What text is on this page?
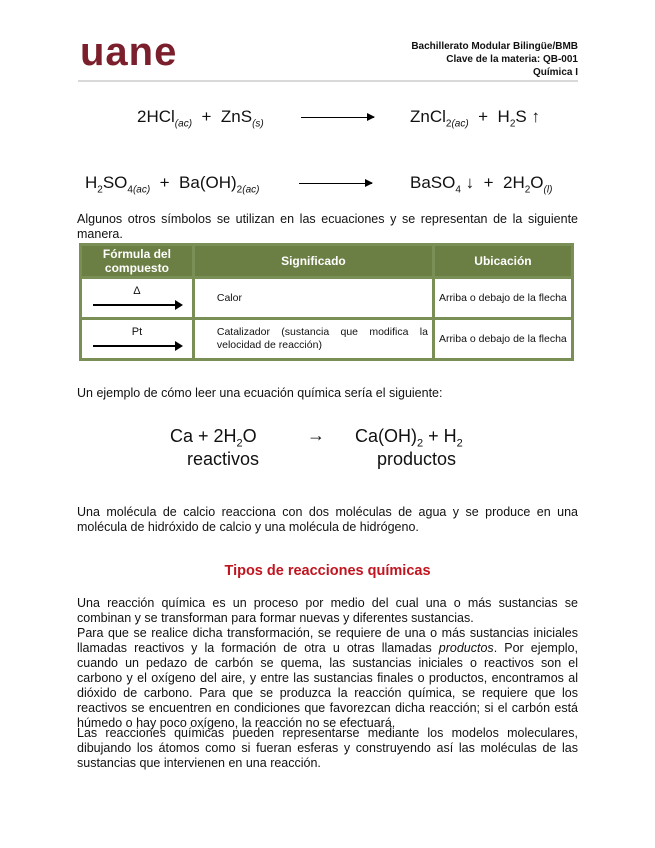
uane	Bachillerato Modular Bilingüe/BMB
Clave de la materia: QB-001
Química I
2HCl$_{(ac)}$ + ZnS$_{(s)}$	ZnCl$_{2(ac)}$ + $H_2S$ ↑
$H_2SO_{4(ac)} + Ba(OH)_{2(ac)}$	BaSO$_4$ ↓ + $2H_2O_{(l)}$
Algunos otros símbolos se utilizan en las ecuaciones y se representan de la siguiente manera.
Fórmula del compuesto	Significado	Ubicación

Δ	Calor	Arriba o debajo de la flecha

Pt	Catalizador (sustancia que modifica la velocidad de reacción)	Arriba o debajo de la flecha
Un ejemplo de cómo leer una ecuación química sería el siguiente:
$Ca + 2H_2O$	→ $Ca(OH)_2 + H_2$
reactivos	productos
Una molécula de calcio reacciona con dos moléculas de agua y se produce en una molécula de hidróxido de calcio y una molécula de hidrógeno.
Tipos de reacciones químicas
Una reacción química es un proceso por medio del cual una o más sustancias se combinan y se transforman para formar nuevas y diferentes sustancias.
Para que se realice dicha transformación, se requiere de una o más sustancias iniciales llamadas reactivos y la formación de otra u otras llamadas productos. Por ejemplo, cuando un pedazo de carbón se quema, las sustancias iniciales o reactivos son el carbono y el oxígeno del aire, y entre las sustancias finales o productos, encontramos al dióxido de carbono. Para que se produzca la reacción química, se requiere que los reactivos se encuentren en condiciones que favorezcan dicha reacción; si el carbón está húmedo o hay poco oxígeno, la reacción no se efectuará.
Las reacciones químicas pueden representarse mediante los modelos moleculares, dibujando los átomos como si fueran esferas y construyendo así las moléculas de las sustancias que intervienen en una reacción.
